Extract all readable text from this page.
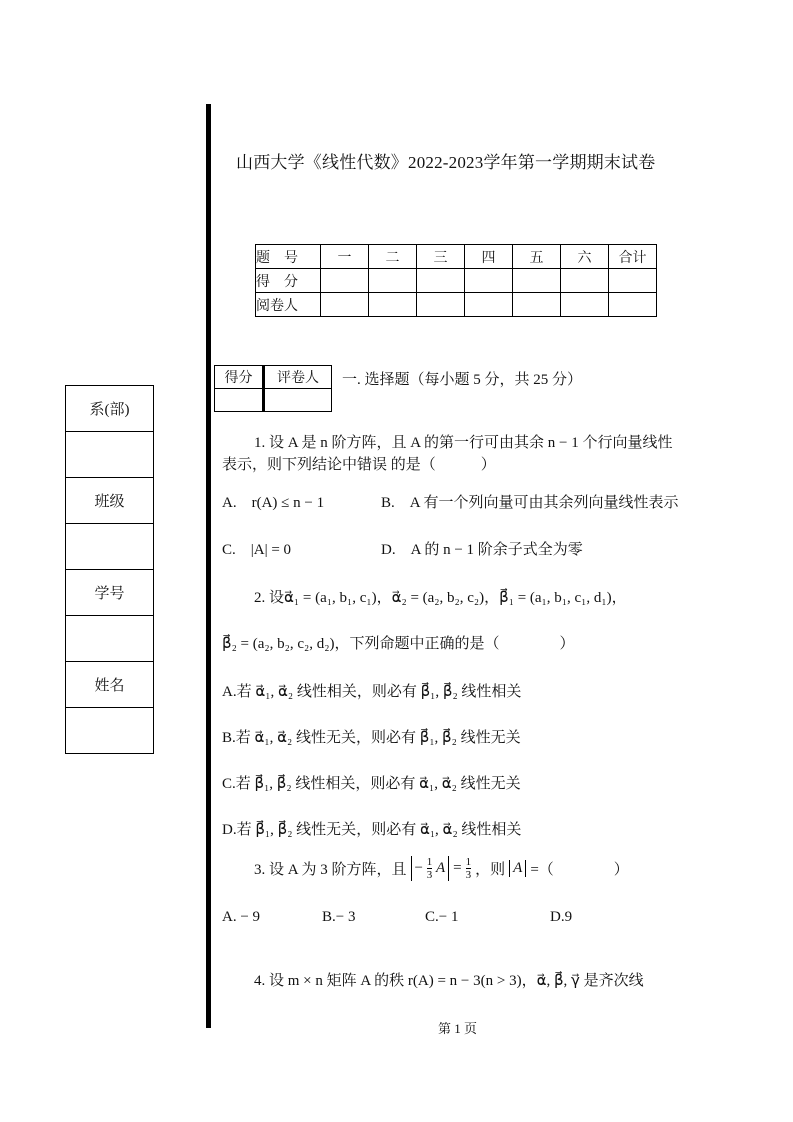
山西大学《线性代数》2022-2023学年第一学期期末试卷
题　号	一	二	三	四	五	六	合计
得　分							
阅卷人							
得分	评卷人
	一. 选择题（每小题 5 分，共 25 分）
系(部)

班级

学号

姓名

1. 设 A 是 n 阶方阵，且 A 的第一行可由其余 n − 1 个行向量线性
表示，则下列结论中错误 的是（　　　）
A.　r(A) ≤ n − 1	B.　A 有一个列向量可由其余列向量线性表示
C.　|A| = 0	D.　A 的 n − 1 阶余子式全为零
2. 设α⃗₁ = (a₁, b₁, c₁)，α⃗₂ = (a₂, b₂, c₂)，β⃗₁ = (a₁, b₁, c₁, d₁)，
β⃗₂ = (a₂, b₂, c₂, d₂)，下列命题中正确的是（　　　　）
A.若 α⃗₁, α⃗₂ 线性相关，则必有 β⃗₁, β⃗₂ 线性相关
B.若 α⃗₁, α⃗₂ 线性无关，则必有 β⃗₁, β⃗₂ 线性无关
C.若 β⃗₁, β⃗₂ 线性相关，则必有 α⃗₁, α⃗₂ 线性无关
D.若 β⃗₁, β⃗₂ 线性无关，则必有 α⃗₁, α⃗₂ 线性相关
3. 设 A 为 3 阶方阵，且 − $\frac{1}{3}$ $A = \frac{1}{3}$ ，则 A =（　　　　）
A. − 9	B.− 3	C.− 1	D.9
4. 设 m × n 矩阵 A 的秩 r(A) = n − 3(n > 3)，α⃗, β⃗, γ⃗ 是齐次线
第 1 页
